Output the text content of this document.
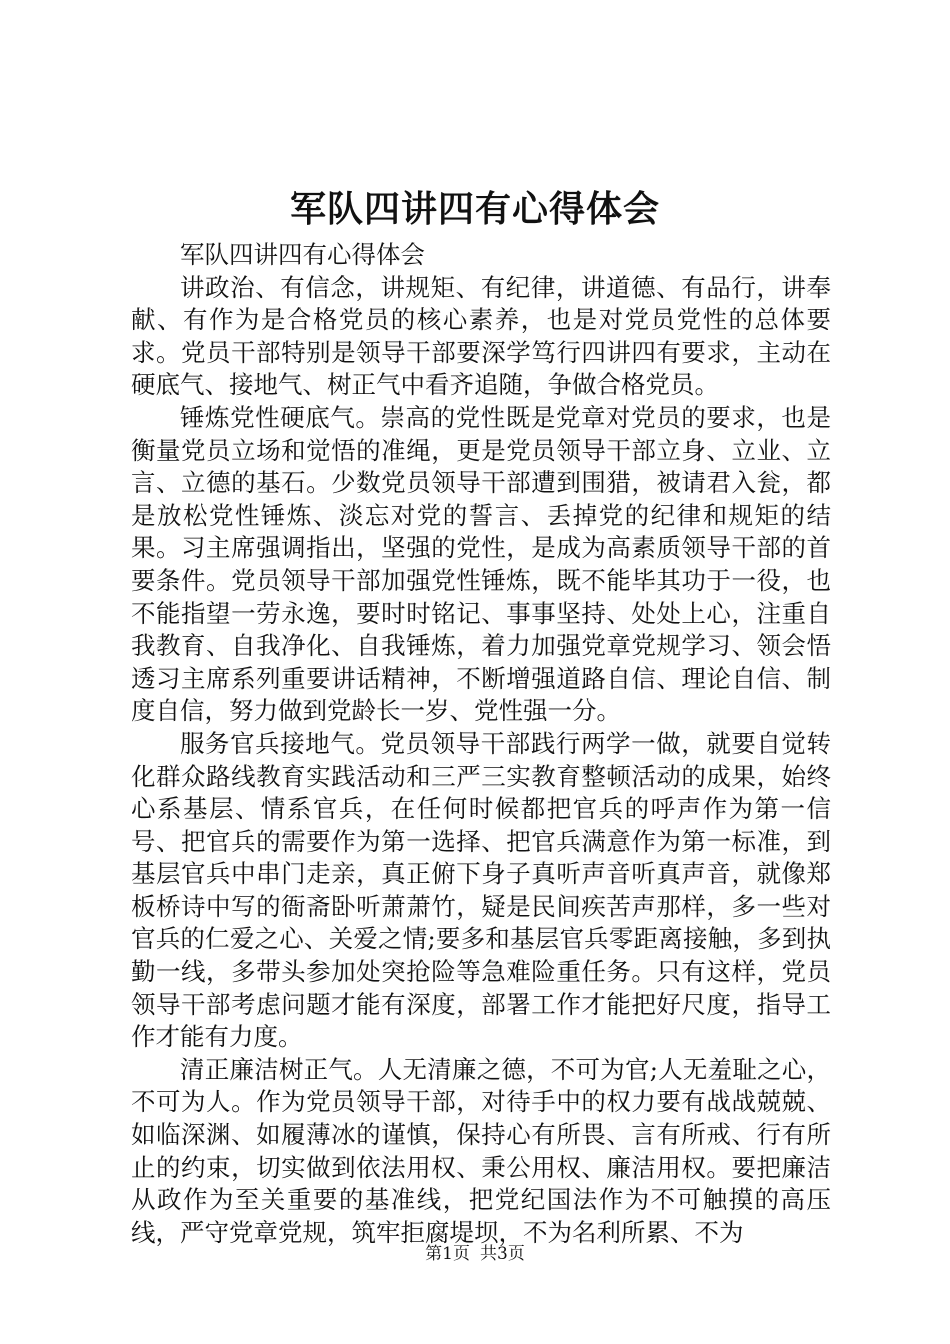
军队四讲四有心得体会

军队四讲四有心得体会

讲政治、有信念，讲规矩、有纪律，讲道德、有品行，讲奉献、有作为是合格党员的核心素养，也是对党员党性的总体要求。党员干部特别是领导干部要深学笃行四讲四有要求，主动在硬底气、接地气、树正气中看齐追随，争做合格党员。

锤炼党性硬底气。崇高的党性既是党章对党员的要求，也是衡量党员立场和觉悟的准绳，更是党员领导干部立身、立业、立言、立德的基石。少数党员领导干部遭到围猎，被请君入瓮，都是放松党性锤炼、淡忘对党的誓言、丢掉党的纪律和规矩的结果。习主席强调指出，坚强的党性，是成为高素质领导干部的首要条件。党员领导干部加强党性锤炼，既不能毕其功于一役，也不能指望一劳永逸，要时时铭记、事事坚持、处处上心，注重自我教育、自我净化、自我锤炼，着力加强党章党规学习、领会悟透习主席系列重要讲话精神，不断增强道路自信、理论自信、制度自信，努力做到党龄长一岁、党性强一分。

服务官兵接地气。党员领导干部践行两学一做，就要自觉转化群众路线教育实践活动和三严三实教育整顿活动的成果，始终心系基层、情系官兵，在任何时候都把官兵的呼声作为第一信号、把官兵的需要作为第一选择、把官兵满意作为第一标准，到基层官兵中串门走亲，真正俯下身子真听声音听真声音，就像郑板桥诗中写的衙斋卧听萧萧竹，疑是民间疾苦声那样，多一些对官兵的仁爱之心、关爱之情;要多和基层官兵零距离接触，多到执勤一线，多带头参加处突抢险等急难险重任务。只有这样，党员领导干部考虑问题才能有深度，部署工作才能把好尺度，指导工作才能有力度。

清正廉洁树正气。人无清廉之德，不可为官;人无羞耻之心，不可为人。作为党员领导干部，对待手中的权力要有战战兢兢、如临深渊、如履薄冰的谨慎，保持心有所畏、言有所戒、行有所止的约束，切实做到依法用权、秉公用权、廉洁用权。要把廉洁从政作为至关重要的基准线，把党纪国法作为不可触摸的高压线，严守党章党规，筑牢拒腐堤坝，不为名利所累、不为

第1页 共3页
